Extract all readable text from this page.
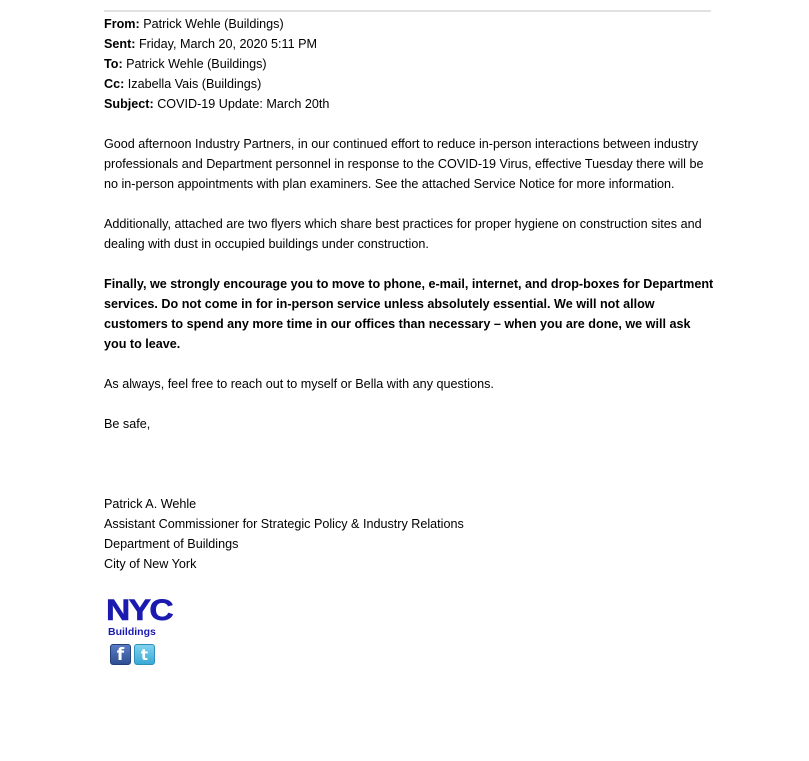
From: Patrick Wehle (Buildings)
Sent: Friday, March 20, 2020 5:11 PM
To: Patrick Wehle (Buildings)
Cc: Izabella Vais (Buildings)
Subject: COVID-19 Update: March 20th

Good afternoon Industry Partners, in our continued effort to reduce in-person interactions between industry professionals and Department personnel in response to the COVID-19 Virus, effective Tuesday there will be no in-person appointments with plan examiners. See the attached Service Notice for more information.

Additionally, attached are two flyers which share best practices for proper hygiene on construction sites and dealing with dust in occupied buildings under construction.

Finally, we strongly encourage you to move to phone, e-mail, internet, and drop-boxes for Department services. Do not come in for in-person service unless absolutely essential. We will not allow customers to spend any more time in our offices than necessary – when you are done, we will ask you to leave.

As always, feel free to reach out to myself or Bella with any questions.

Be safe,

Patrick A. Wehle
Assistant Commissioner for Strategic Policy & Industry Relations
Department of Buildings
City of New York
NYC
Buildings
f	t
